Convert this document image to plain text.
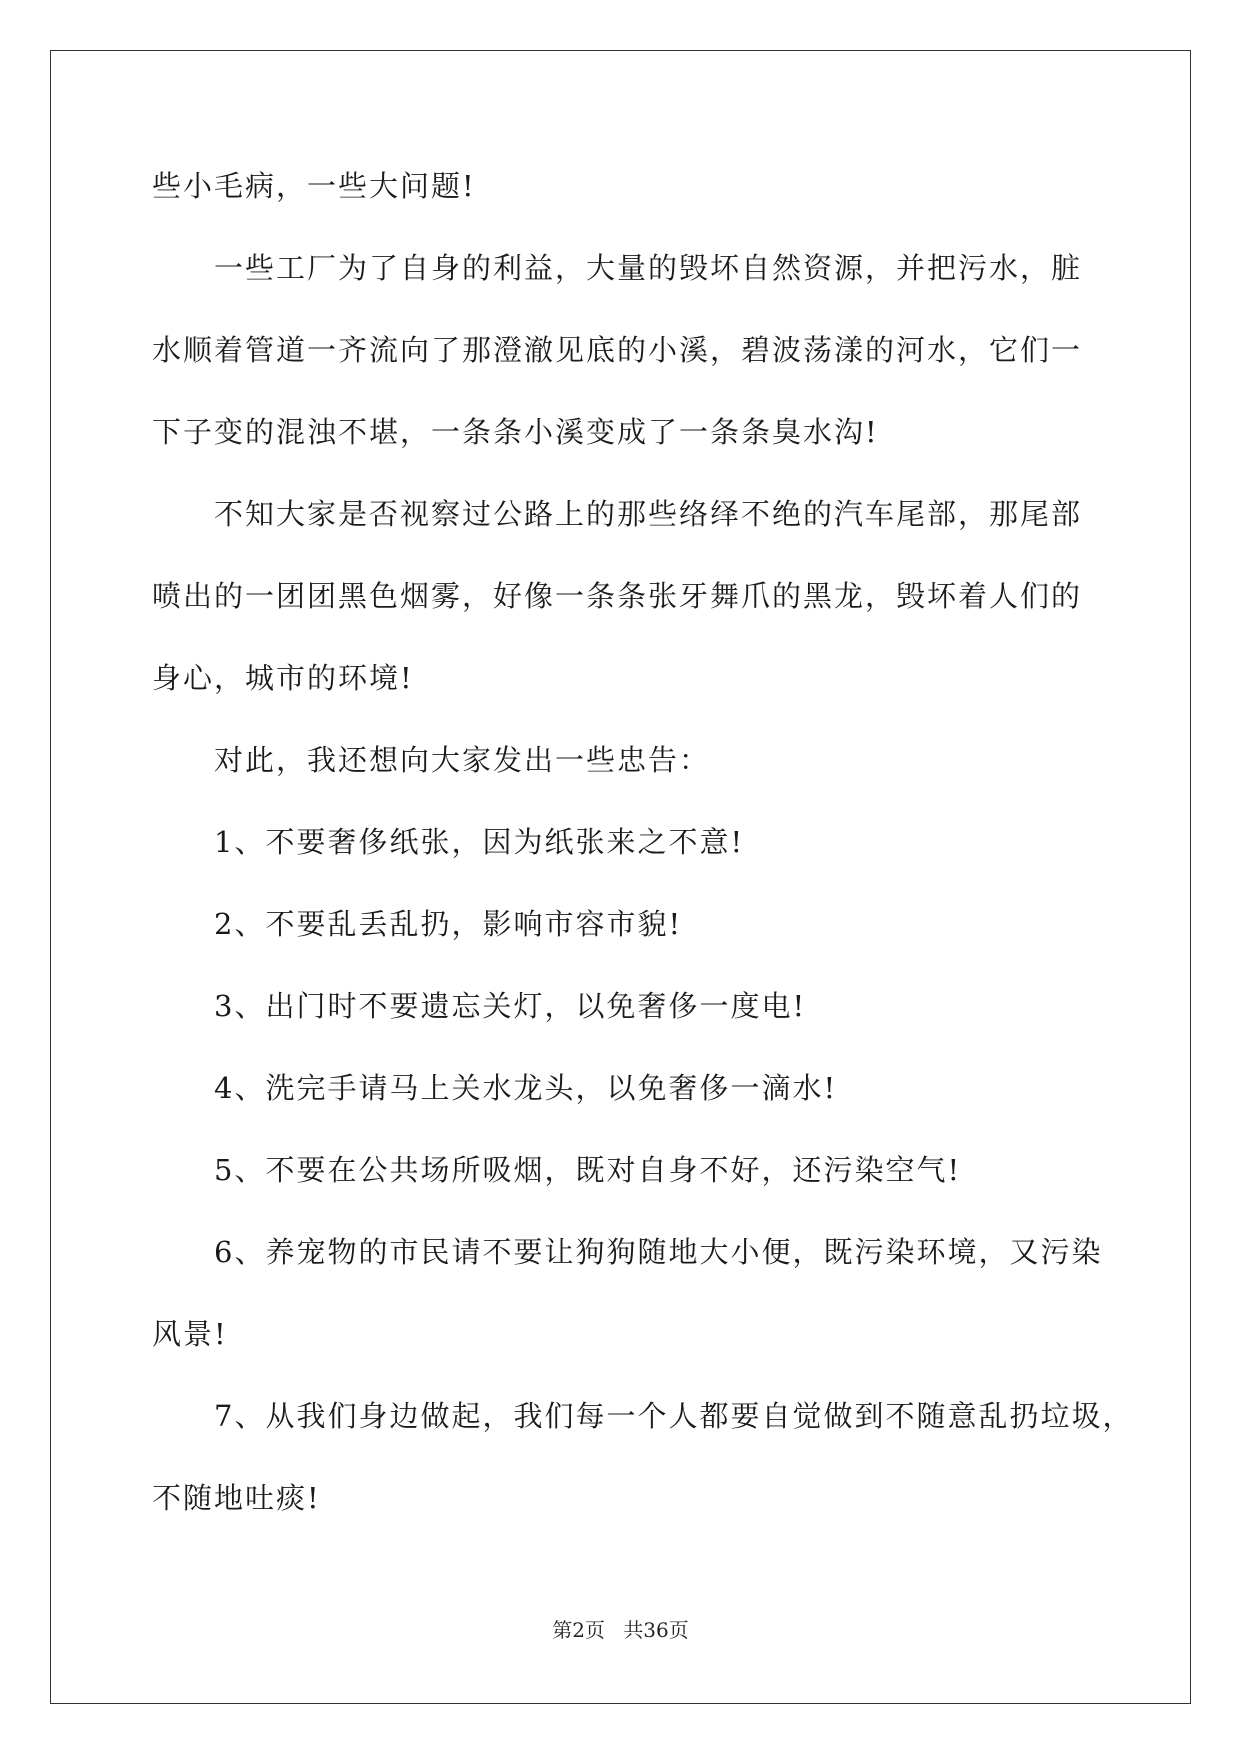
些小毛病，一些大问题!
一些工厂为了自身的利益，大量的毁坏自然资源，并把污水，脏
水顺着管道一齐流向了那澄澈见底的小溪，碧波荡漾的河水，它们一
下子变的混浊不堪，一条条小溪变成了一条条臭水沟!
不知大家是否视察过公路上的那些络绎不绝的汽车尾部，那尾部
喷出的一团团黑色烟雾，好像一条条张牙舞爪的黑龙，毁坏着人们的
身心，城市的环境!
对此，我还想向大家发出一些忠告：
1、不要奢侈纸张，因为纸张来之不意!
2、不要乱丢乱扔，影响市容市貌!
3、出门时不要遗忘关灯，以免奢侈一度电!
4、洗完手请马上关水龙头，以免奢侈一滴水!
5、不要在公共场所吸烟，既对自身不好，还污染空气!
6、养宠物的市民请不要让狗狗随地大小便，既污染环境，又污染
风景!
7、从我们身边做起，我们每一个人都要自觉做到不随意乱扔垃圾，
不随地吐痰!
第2页 共36页
